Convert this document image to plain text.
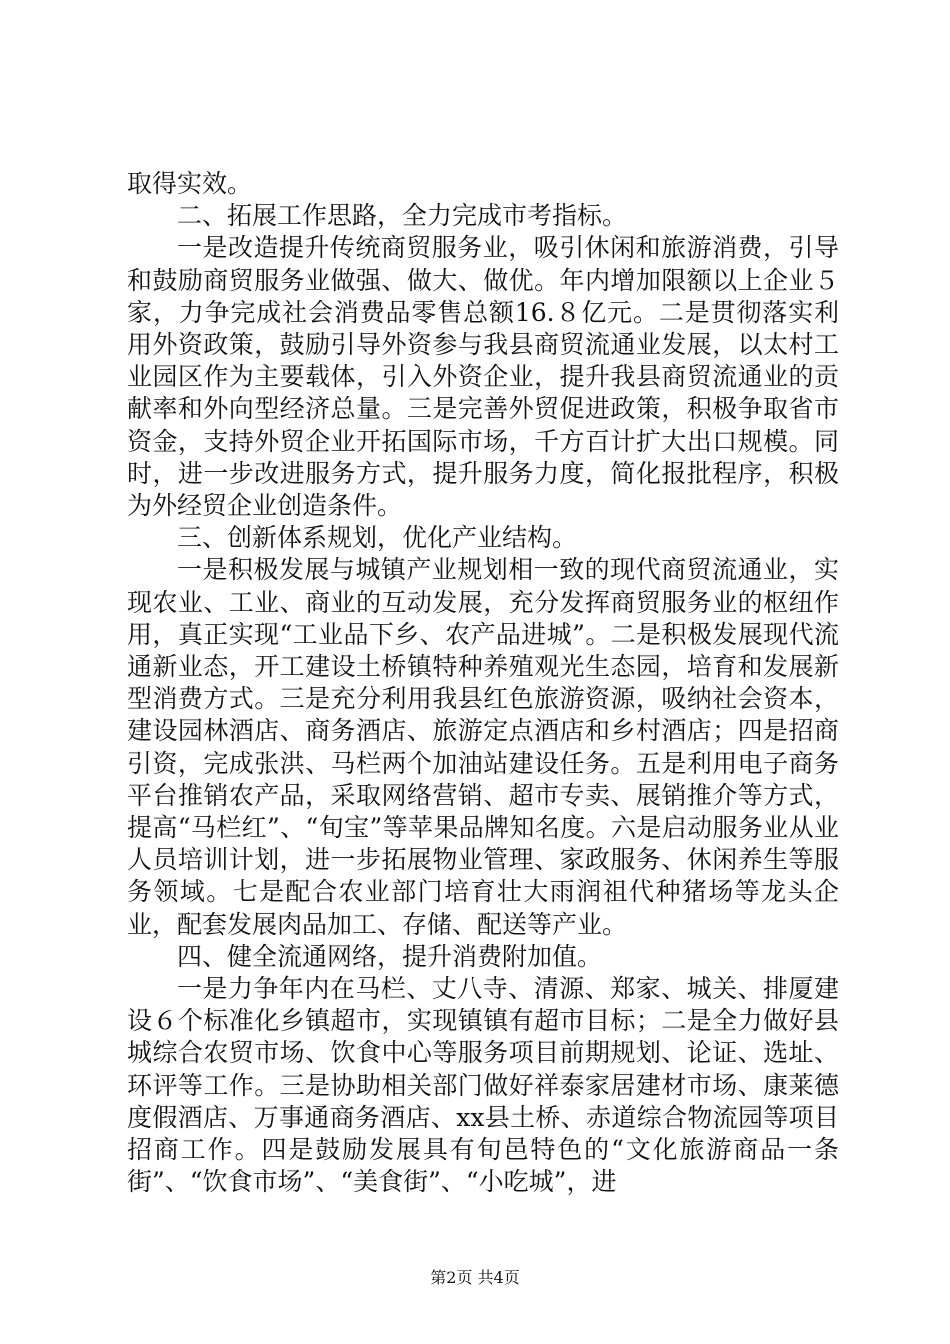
取得实效。

二、拓展工作思路，全力完成市考指标。

一是改造提升传统商贸服务业，吸引休闲和旅游消费，引导和鼓励商贸服务业做强、做大、做优。年内增加限额以上企业５家，力争完成社会消费品零售总额16.８亿元。二是贯彻落实利用外资政策，鼓励引导外资参与我县商贸流通业发展，以太村工业园区作为主要载体，引入外资企业，提升我县商贸流通业的贡献率和外向型经济总量。三是完善外贸促进政策，积极争取省市资金，支持外贸企业开拓国际市场，千方百计扩大出口规模。同时，进一步改进服务方式，提升服务力度，简化报批程序，积极为外经贸企业创造条件。

三、创新体系规划，优化产业结构。

一是积极发展与城镇产业规划相一致的现代商贸流通业，实现农业、工业、商业的互动发展，充分发挥商贸服务业的枢纽作用，真正实现“工业品下乡、农产品进城”。二是积极发展现代流通新业态，开工建设土桥镇特种养殖观光生态园，培育和发展新型消费方式。三是充分利用我县红色旅游资源，吸纳社会资本，建设园林酒店、商务酒店、旅游定点酒店和乡村酒店；四是招商引资，完成张洪、马栏两个加油站建设任务。五是利用电子商务平台推销农产品，采取网络营销、超市专卖、展销推介等方式，提高“马栏红”、“旬宝”等苹果品牌知名度。六是启动服务业从业人员培训计划，进一步拓展物业管理、家政服务、休闲养生等服务领域。七是配合农业部门培育壮大雨润祖代种猪场等龙头企业，配套发展肉品加工、存储、配送等产业。

四、健全流通网络，提升消费附加值。

一是力争年内在马栏、丈八寺、清源、郑家、城关、排厦建设６个标准化乡镇超市，实现镇镇有超市目标；二是全力做好县城综合农贸市场、饮食中心等服务项目前期规划、论证、选址、环评等工作。三是协助相关部门做好祥泰家居建材市场、康莱德度假酒店、万事通商务酒店、xx县土桥、赤道综合物流园等项目招商工作。四是鼓励发展具有旬邑特色的“文化旅游商品一条街”、“饮食市场”、“美食街”、“小吃城”，进

第2页 共4页
